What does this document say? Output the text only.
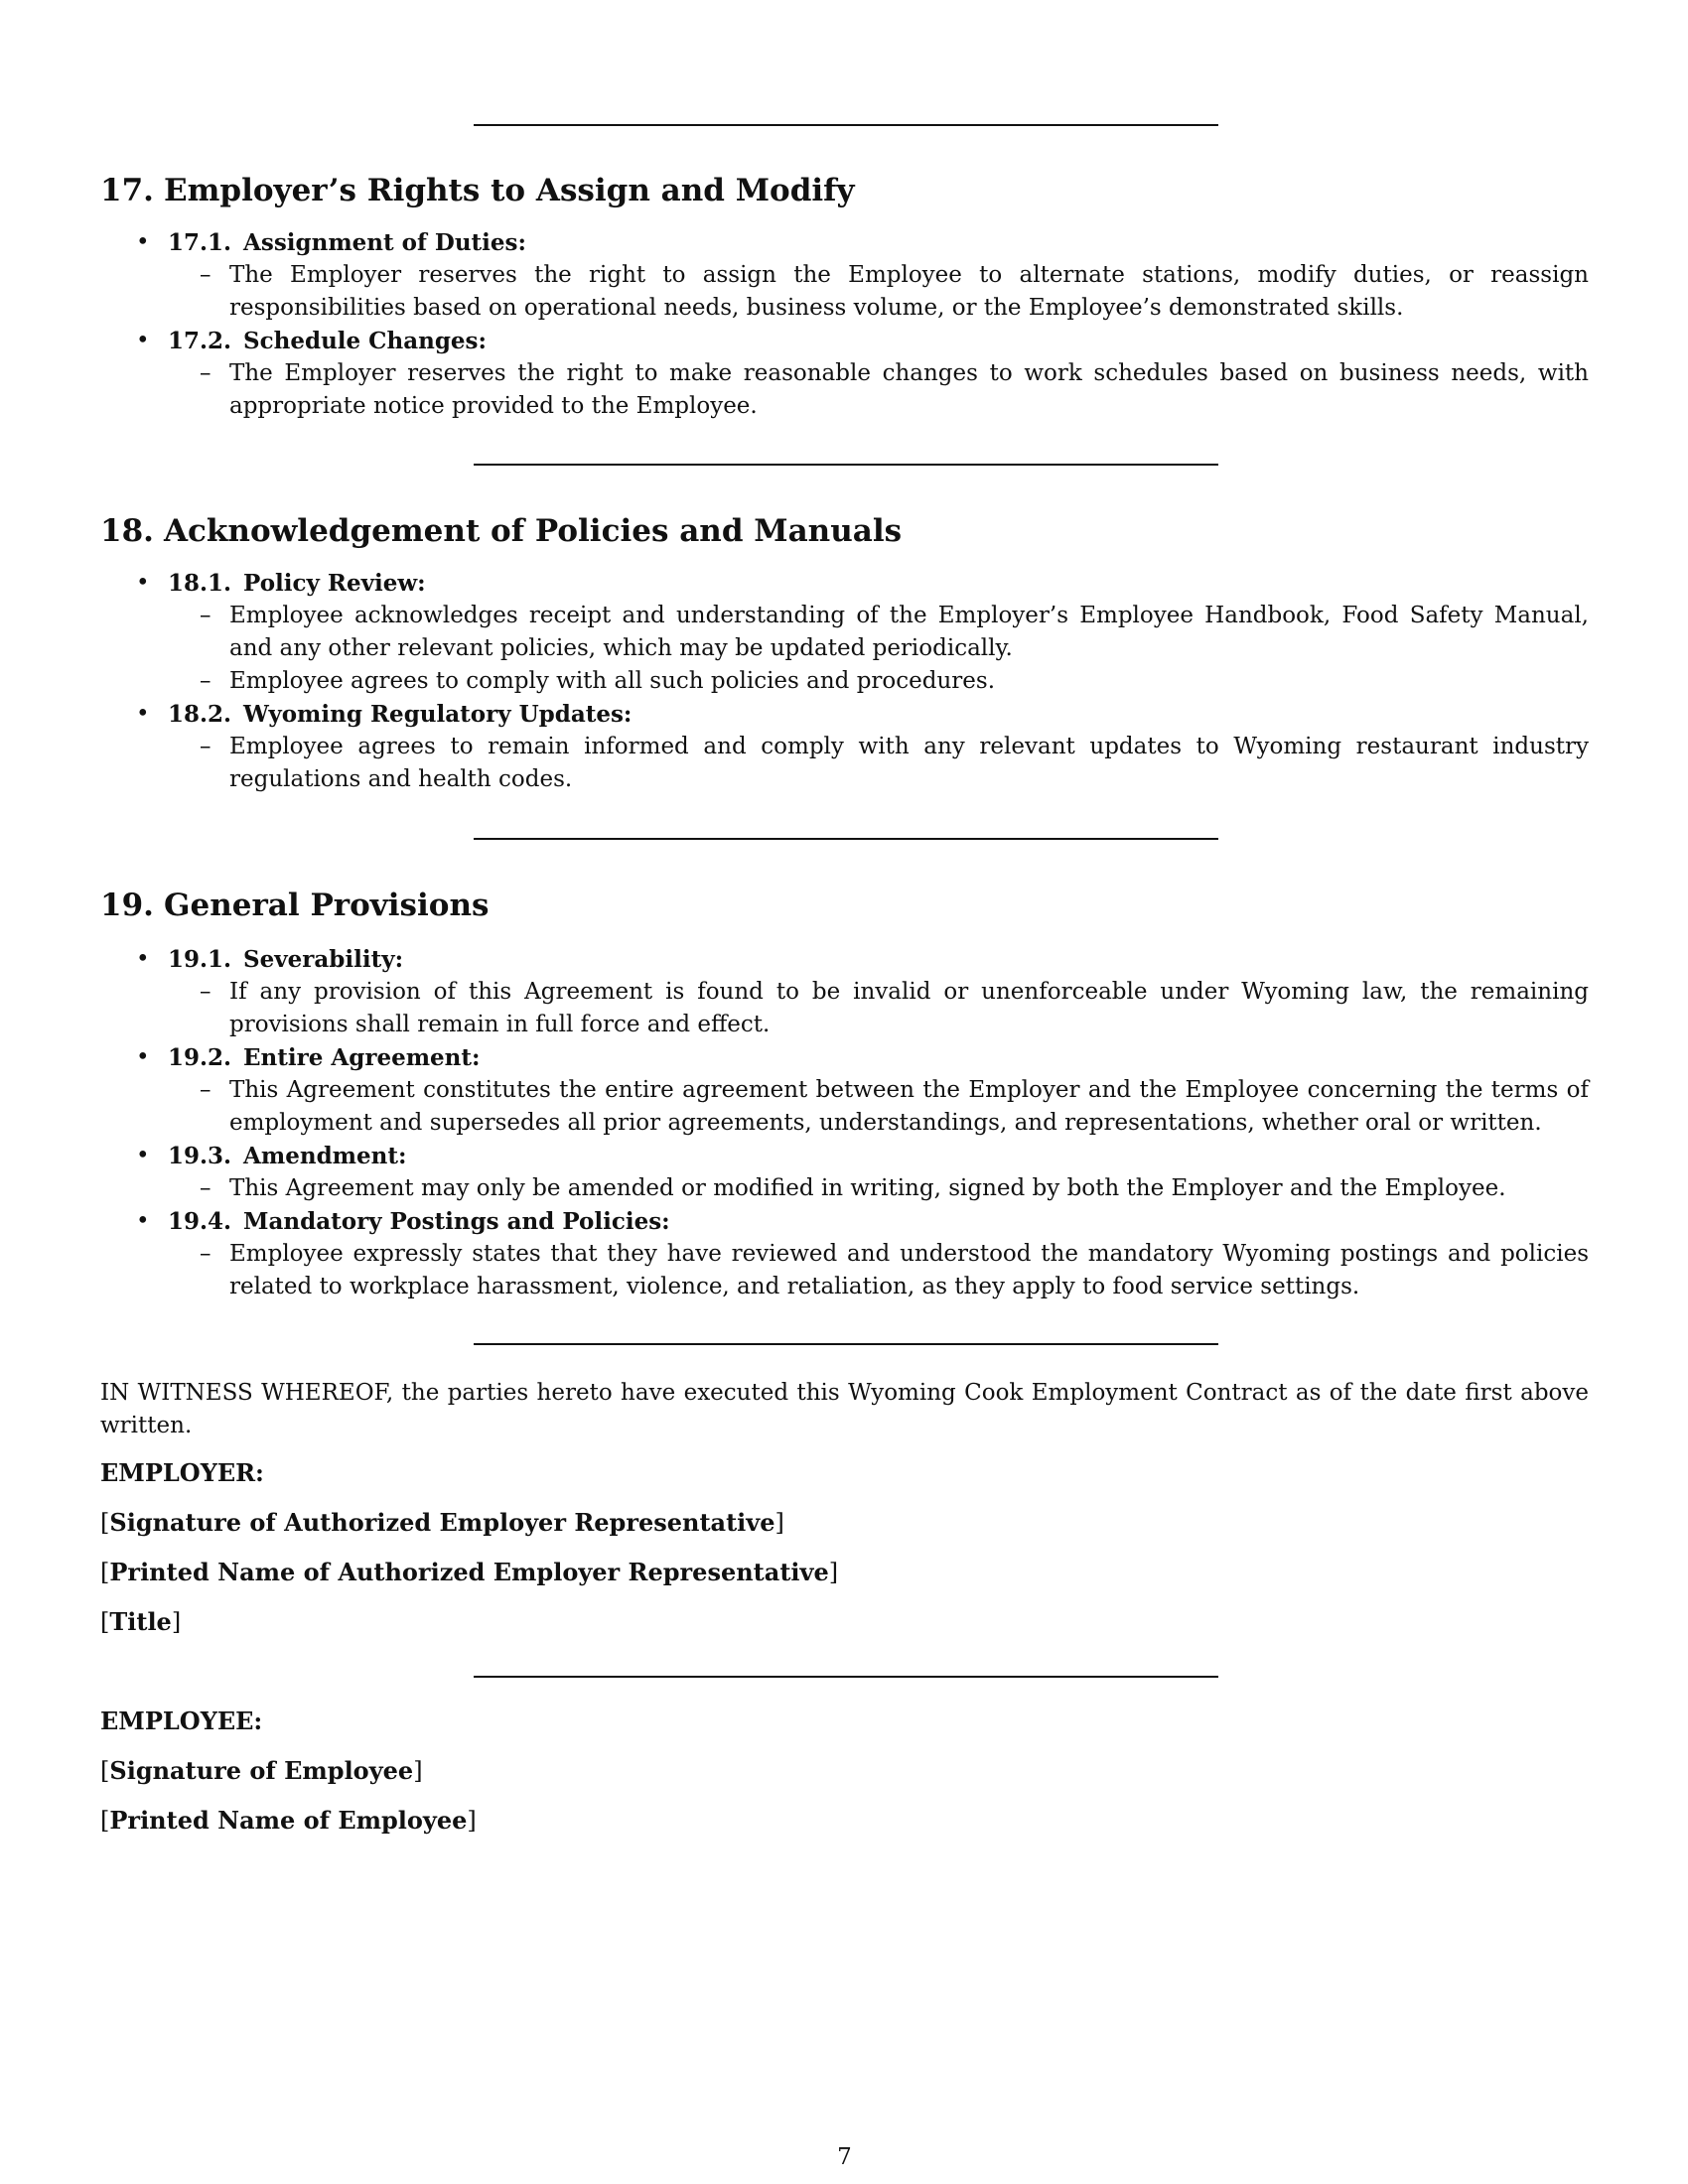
17. Employer’s Rights to Assign and Modify
• 17.1. Assignment of Duties:
– The Employer reserves the right to assign the Employee to alternate stations, modify duties, or reassign responsibilities based on operational needs, business volume, or the Employee’s demonstrated skills.
• 17.2. Schedule Changes:
– The Employer reserves the right to make reasonable changes to work schedules based on business needs, with appropriate notice provided to the Employee.
18. Acknowledgement of Policies and Manuals
• 18.1. Policy Review:
– Employee acknowledges receipt and understanding of the Employer’s Employee Handbook, Food Safety Manual, and any other relevant policies, which may be updated periodically.
– Employee agrees to comply with all such policies and procedures.
• 18.2. Wyoming Regulatory Updates:
– Employee agrees to remain informed and comply with any relevant updates to Wyoming restaurant industry regulations and health codes.
19. General Provisions
• 19.1. Severability:
– If any provision of this Agreement is found to be invalid or unenforceable under Wyoming law, the remaining provisions shall remain in full force and effect.
• 19.2. Entire Agreement:
– This Agreement constitutes the entire agreement between the Employer and the Employee concerning the terms of employment and supersedes all prior agreements, understandings, and representations, whether oral or written.
• 19.3. Amendment:
– This Agreement may only be amended or modified in writing, signed by both the Employer and the Employee.
• 19.4. Mandatory Postings and Policies:
– Employee expressly states that they have reviewed and understood the mandatory Wyoming postings and policies related to workplace harassment, violence, and retaliation, as they apply to food service settings.

IN WITNESS WHEREOF, the parties hereto have executed this Wyoming Cook Employment Contract as of the date first above written.

EMPLOYER:

[Signature of Authorized Employer Representative]

[Printed Name of Authorized Employer Representative]

[Title]

EMPLOYEE:

[Signature of Employee]

[Printed Name of Employee]

7
